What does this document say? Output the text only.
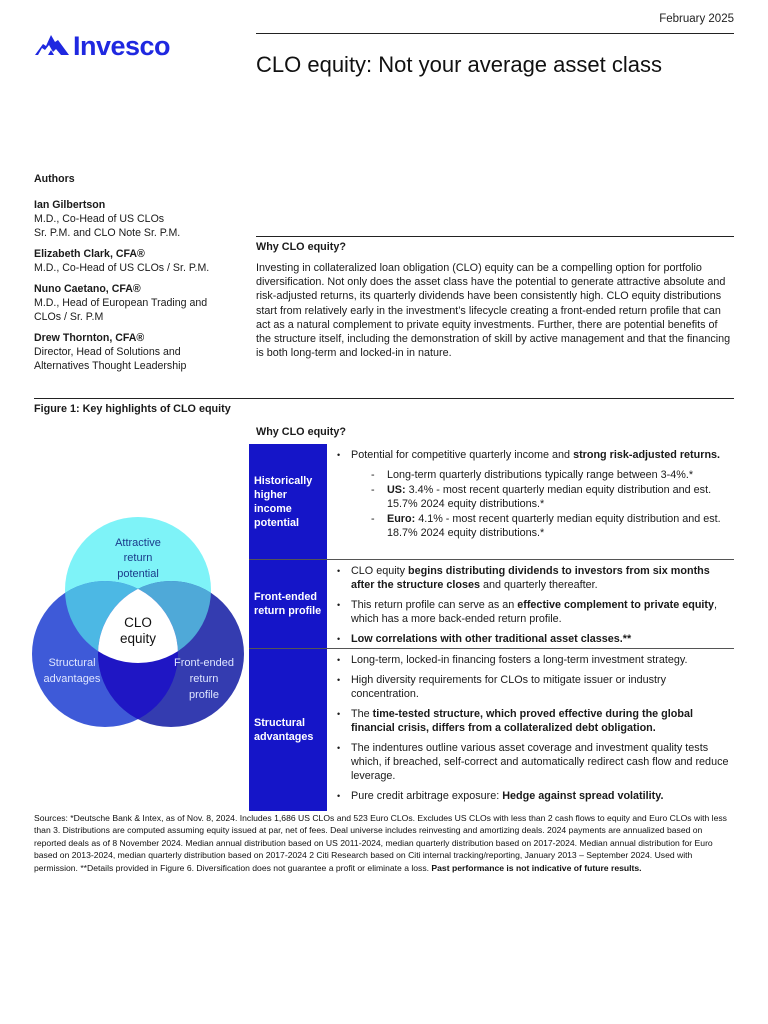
February 2025
Invesco
CLO equity: Not your average asset class
Authors
Ian Gilbertson
M.D., Co-Head of US CLOs
Sr. P.M. and CLO Note Sr. P.M.
Elizabeth Clark, CFA®
M.D., Co-Head of US CLOs / Sr. P.M.
Nuno Caetano, CFA®
M.D., Head of European Trading and
CLOs / Sr. P.M
Drew Thornton, CFA®
Director, Head of Solutions and
Alternatives Thought Leadership
Why CLO equity?
Investing in collateralized loan obligation (CLO) equity can be a compelling option for portfolio diversification. Not only does the asset class have the potential to generate attractive absolute and risk-adjusted returns, its quarterly dividends have been consistently high. CLO equity distributions start from relatively early in the investment’s lifecycle creating a front-ended return profile that can act as a natural complement to private equity investments. Further, there are potential benefits of the structure itself, including the demonstration of skill by active management and that the financing is both long-term and locked-in in nature.
Figure 1: Key highlights of CLO equity
Why CLO equity?
Attractive
return
potential
CLO
equity
Structural
advantages
Front-ended
return
profile
Historically higher income potential
• Potential for competitive quarterly income and strong risk-adjusted returns.
- Long-term quarterly distributions typically range between 3-4%.*
- US: 3.4% - most recent quarterly median equity distribution and est. 15.7% 2024 equity distributions.*
- Euro: 4.1% - most recent quarterly median equity distribution and est. 18.7% 2024 equity distributions.*
Front-ended return profile
• CLO equity begins distributing dividends to investors from six months after the structure closes and quarterly thereafter.
• This return profile can serve as an effective complement to private equity, which has a more back-ended return profile.
• Low correlations with other traditional asset classes.**
Structural advantages
• Long-term, locked-in financing fosters a long-term investment strategy.
• High diversity requirements for CLOs to mitigate issuer or industry concentration.
• The time-tested structure, which proved effective during the global financial crisis, differs from a collateralized debt obligation.
• The indentures outline various asset coverage and investment quality tests which, if breached, self-correct and automatically redirect cash flow and reduce leverage.
• Pure credit arbitrage exposure: Hedge against spread volatility.
Sources: *Deutsche Bank & Intex, as of Nov. 8, 2024. Includes 1,686 US CLOs and 523 Euro CLOs. Excludes US CLOs with less than 2 cash flows to equity and Euro CLOs with less than 3. Distributions are computed assuming equity issued at par, net of fees. Deal universe includes reinvesting and amortizing deals. 2024 payments are annualized based on reported deals as of 8 November 2024. Median annual distribution based on US 2011-2024, median quarterly distribution based on 2017-2024. Median annual distribution for Euro based on 2013-2024, median quarterly distribution based on 2017-2024 2 Citi Research based on Citi internal tracking/reporting, January 2013 – September 2024. Used with permission. **Details provided in Figure 6. Diversification does not guarantee a profit or eliminate a loss. Past performance is not indicative of future results.
